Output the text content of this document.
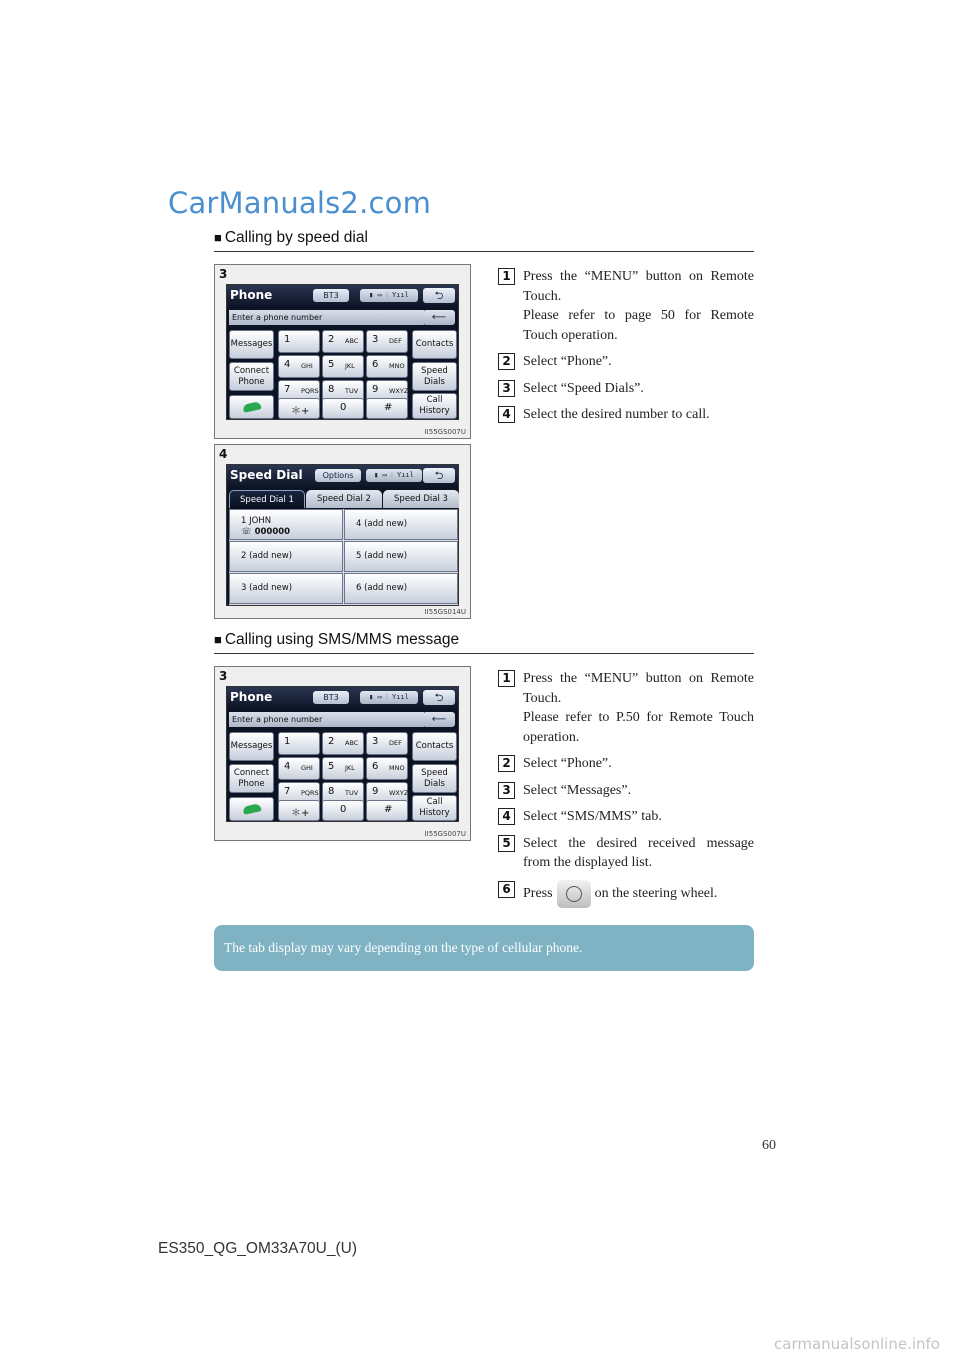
CarManuals2.com
■ Calling by speed dial
3
Phone	BT3	▮ ▭ ⫶ Yııl	⮌
Enter a phone number	⟵
Messages
Connect
Phone
1	2 ABC 3 DEF
4 GHI 5 JKL 6 MNO
7 PQRS 8 TUV 9 WXYZ
＊+	0	#
Contacts
Speed
Dials
Call
History
II55GS007U
4
Speed Dial	Options	▮ ▭ ⫶ Yııl	⮌
Speed Dial 1	Speed Dial 2	Speed Dial 3
1 JOHN
☏ 000000
4 (add new)
2 (add new)	5 (add new)
3 (add new)	6 (add new)
II55GS014U
1 Press the “MENU” button on Remote Touch.
Please refer to page 50 for Remote Touch operation.
2 Select “Phone”.
3 Select “Speed Dials”.
4 Select the desired number to call.
■ Calling using SMS/MMS message
3
Phone	BT3	▮ ▭ ⫶ Yııl	⮌
Enter a phone number	⟵
Messages
Connect
Phone
1	2 ABC 3 DEF
4 GHI 5 JKL 6 MNO
7 PQRS 8 TUV 9 WXYZ
＊+	0	#
Contacts
Speed
Dials
Call
History
II55GS007U
1 Press the “MENU” button on Remote Touch.
Please refer to P.50 for Remote Touch operation.
2 Select “Phone”.
3 Select “Messages”.
4 Select “SMS/MMS” tab.
5 Select the desired received message from the displayed list.
6 Press	on the steering wheel.
The tab display may vary depending on the type of cellular phone.
60
ES350_QG_OM33A70U_(U)
carmanualsonline.info
